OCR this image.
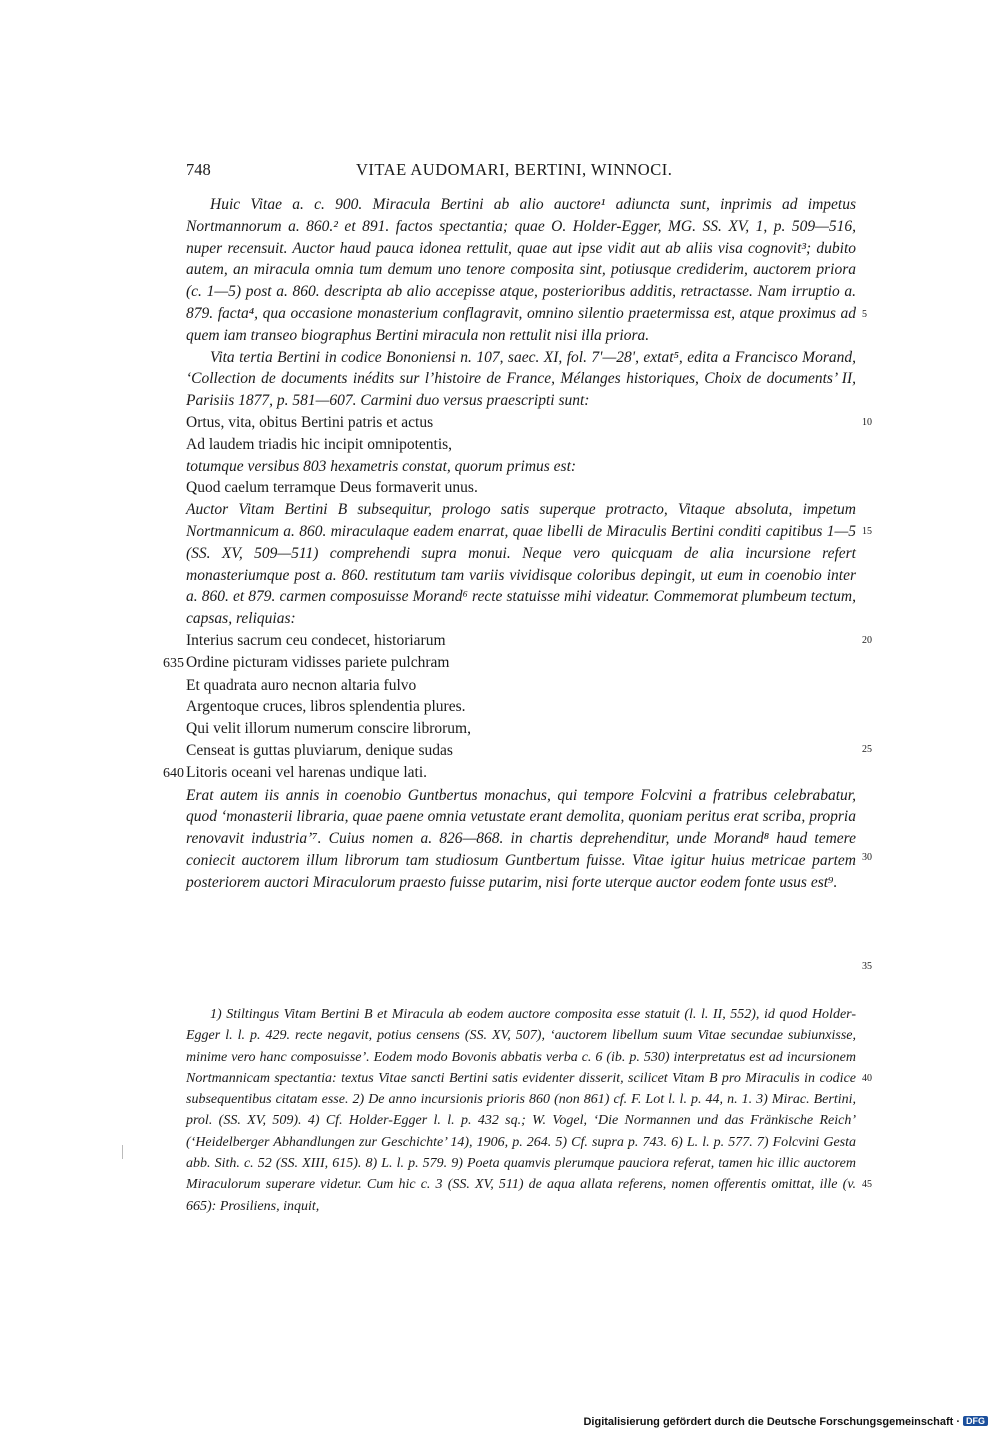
748	VITAE AUDOMARI, BERTINI, WINNOCI.

Huic Vitae a. c. 900. Miracula Bertini ab alio auctore¹ adiuncta sunt, inprimis ad impetus Nortmannorum a. 860.² et 891. factos spectantia; quae O. Holder-Egger, MG. SS. XV, 1, p. 509—516, nuper recensuit. Auctor haud pauca idonea rettulit, quae aut ipse vidit aut ab aliis visa cognovit³; dubito autem, an miracula omnia tum demum uno tenore composita sint, potiusque crediderim, auctorem priora (c. 1—5) post a. 860. descripta ab alio accepisse atque, posterioribus additis, retractasse. Nam irruptio a. 879. facta⁴, qua occasione monasterium conflagravit, omnino silentio praetermissa est, atque proximus ad quem iam transeo biographus Bertini miracula non rettulit nisi illa priora.

Vita tertia Bertini in codice Bononiensi n. 107, saec. XI, fol. 7'—28', extat⁵, edita a Francisco Morand, ‘Collection de documents inédits sur l’histoire de France, Mélanges historiques, Choix de documents’ II, Parisiis 1877, p. 581—607. Carmini duo versus praescripti sunt:

Ortus, vita, obitus Bertini patris et actus

Ad laudem triadis hic incipit omnipotentis,

totumque versibus 803 hexametris constat, quorum primus est:

Quod caelum terramque Deus formaverit unus.

Auctor Vitam Bertini B subsequitur, prologo satis superque protracto, Vitaque absoluta, impetum Nortmannicum a. 860. miraculaque eadem enarrat, quae libelli de Miraculis Bertini conditi capitibus 1—5 (SS. XV, 509—511) comprehendi supra monui. Neque vero quicquam de alia incursione refert monasteriumque post a. 860. restitutum tam variis vividisque coloribus depingit, ut eum in coenobio inter a. 860. et 879. carmen composuisse Morand⁶ recte statuisse mihi videatur. Commemorat plumbeum tectum, capsas, reliquias:

Interius sacrum ceu condecet, historiarum

635 Ordine picturam vidisses pariete pulchram

Et quadrata auro necnon altaria fulvo

Argentoque cruces, libros splendentia plures.

Qui velit illorum numerum conscire librorum,

Censeat is guttas pluviarum, denique sudas

640 Litoris oceani vel harenas undique lati.

Erat autem iis annis in coenobio Guntbertus monachus, qui tempore Folcvini a fratribus celebrabatur, quod ‘monasterii libraria, quae paene omnia vetustate erant demolita, quoniam peritus erat scriba, propria renovavit industria’⁷. Cuius nomen a. 826—868. in chartis deprehenditur, unde Morand⁸ haud temere coniecit auctorem illum librorum tam studiosum Guntbertum fuisse. Vitae igitur huius metricae partem posteriorem auctori Miraculorum praesto fuisse putarim, nisi forte uterque auctor eodem fonte usus est⁹.

5
10
15
20
25
30
35

1) Stiltingus Vitam Bertini B et Miracula ab eodem auctore composita esse statuit (l. l. II, 552), id quod Holder-Egger l. l. p. 429. recte negavit, potius censens (SS. XV, 507), ‘auctorem libellum suum Vitae secundae subiunxisse, minime vero hanc composuisse’. Eodem modo Bovonis abbatis verba c. 6 (ib. p. 530) interpretatus est ad incursionem Nortmannicam spectantia: textus Vitae sancti Bertini satis evidenter disserit, scilicet Vitam B pro Miraculis in codice subsequentibus citatam esse. 2) De anno incursionis prioris 860 (non 861) cf. F. Lot l. l. p. 44, n. 1. 3) Mirac. Bertini, prol. (SS. XV, 509). 4) Cf. Holder-Egger l. l. p. 432 sq.; W. Vogel, ‘Die Normannen und das Fränkische Reich’ (‘Heidelberger Abhandlungen zur Geschichte’ 14), 1906, p. 264. 5) Cf. supra p. 743. 6) L. l. p. 577. 7) Folcvini Gesta abb. Sith. c. 52 (SS. XIII, 615). 8) L. l. p. 579. 9) Poeta quamvis plerumque pauciora referat, tamen hic illic auctorem Miraculorum superare videtur. Cum hic c. 3 (SS. XV, 511) de aqua allata referens, nomen offerentis omittat, ille (v. 665): Prosiliens, inquit,

40
45
Digitalisierung gefördert durch die Deutsche Forschungsgemeinschaft · DFG
